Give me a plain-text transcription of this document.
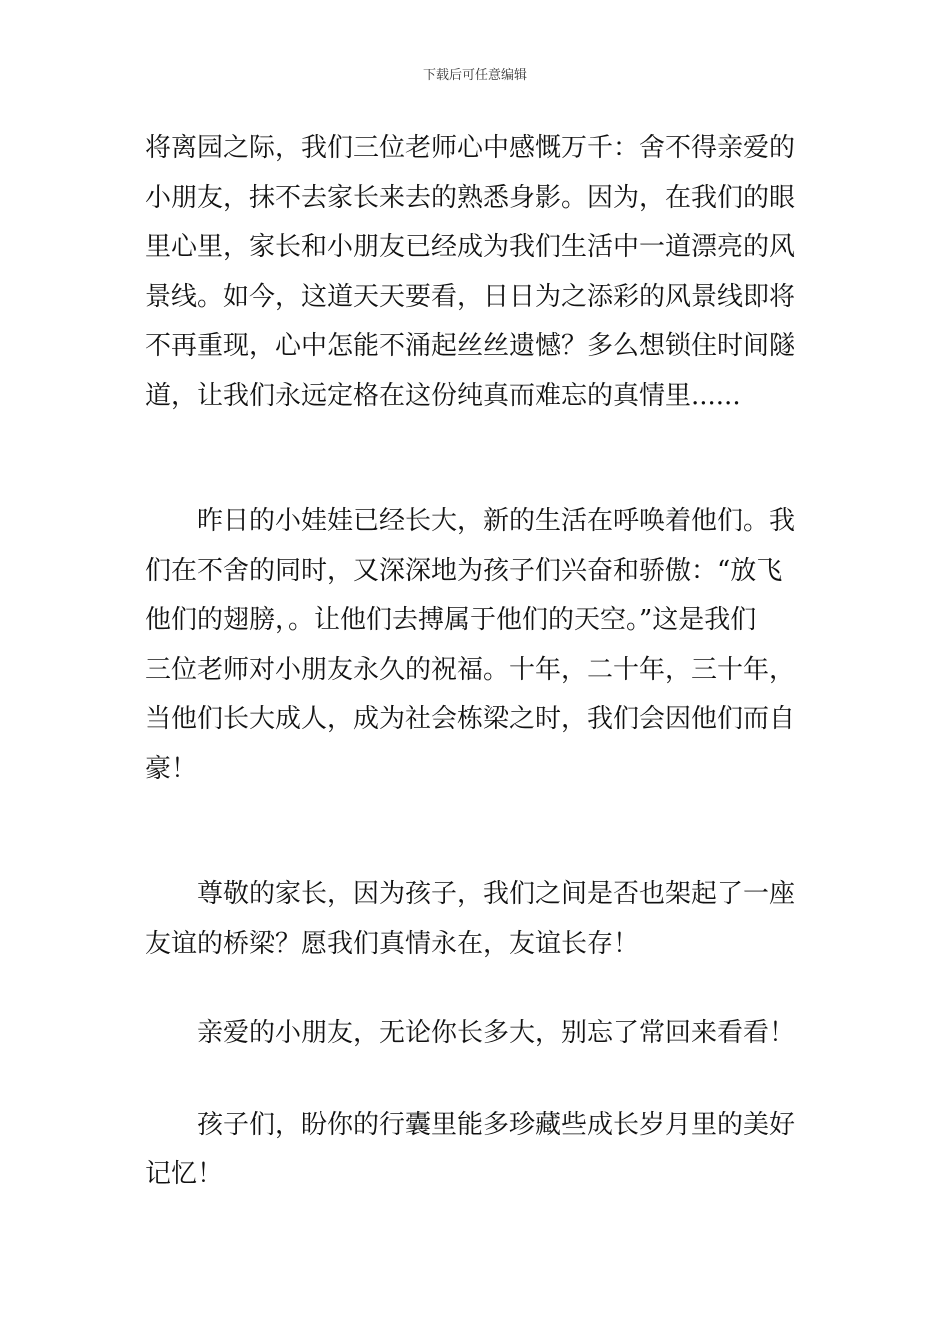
下载后可任意编辑

将离园之际，我们三位老师心中感慨万千：舍不得亲爱的
小朋友，抹不去家长来去的熟悉身影。因为，在我们的眼
里心里，家长和小朋友已经成为我们生活中一道漂亮的风
景线。如今，这道天天要看，日日为之添彩的风景线即将
不再重现，心中怎能不涌起丝丝遗憾？多么想锁住时间隧
道，让我们永远定格在这份纯真而难忘的真情里......

昨日的小娃娃已经长大，新的生活在呼唤着他们。我
们在不舍的同时，又深深地为孩子们兴奋和骄傲：“放飞
他们的翅膀，。让他们去搏属于他们的天空。”这是我们
三位老师对小朋友永久的祝福。十年，二十年，三十年，
当他们长大成人，成为社会栋梁之时，我们会因他们而自
豪！

尊敬的家长，因为孩子，我们之间是否也架起了一座
友谊的桥梁？愿我们真情永在，友谊长存！

亲爱的小朋友，无论你长多大，别忘了常回来看看！

孩子们，盼你的行囊里能多珍藏些成长岁月里的美好
记忆！
